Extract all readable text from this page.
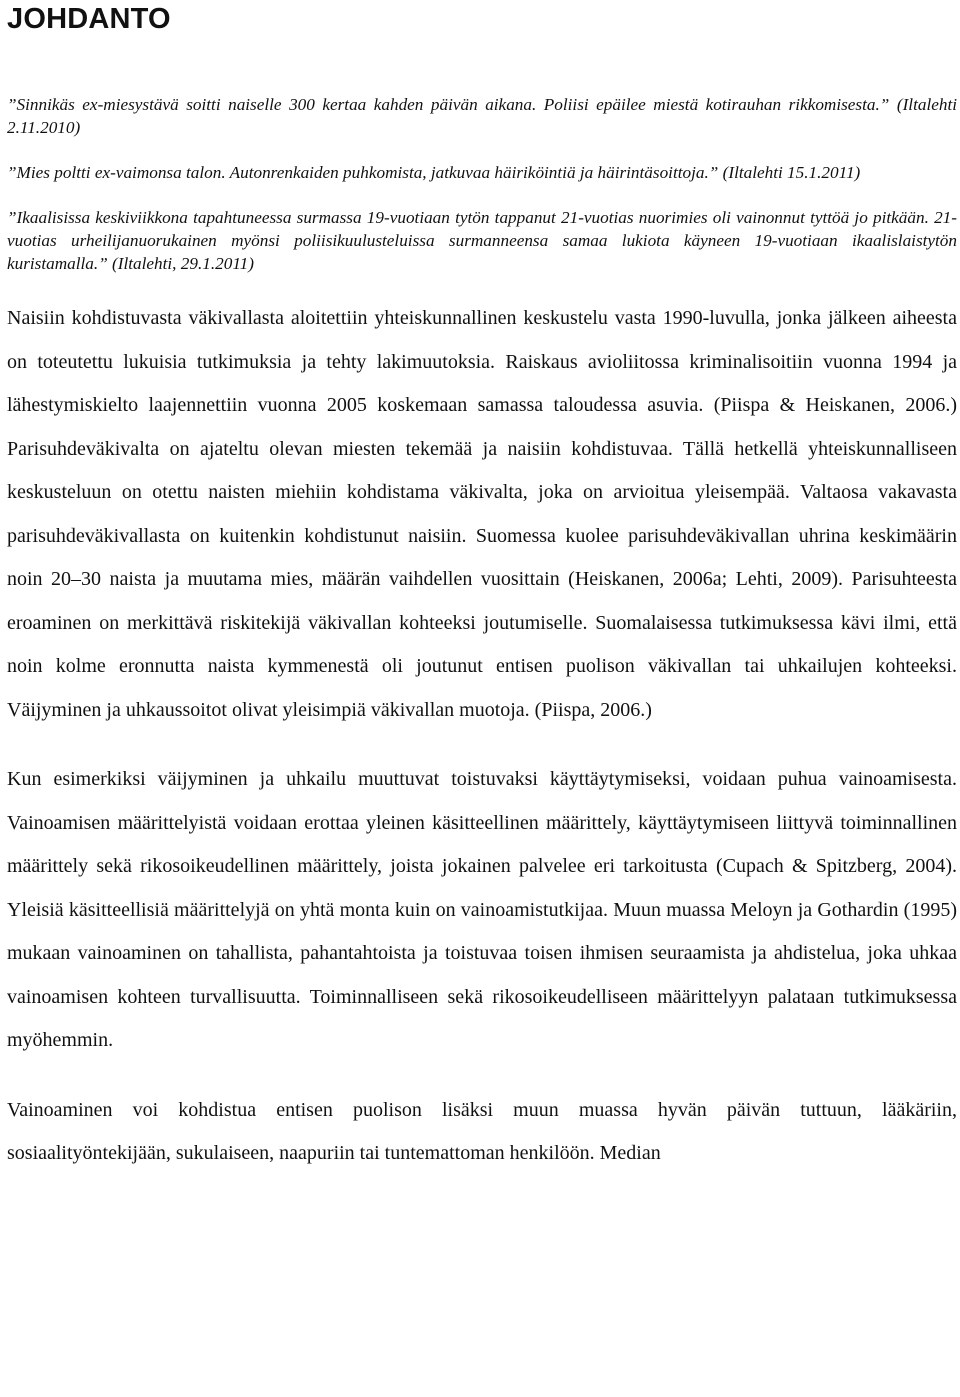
JOHDANTO

”Sinnikäs ex-miesystävä soitti naiselle 300 kertaa kahden päivän aikana. Poliisi epäilee miestä kotirauhan rikkomisesta.” (Iltalehti 2.11.2010)

”Mies poltti ex-vaimonsa talon. Autonrenkaiden puhkomista, jatkuvaa häiriköintiä ja häirintäsoittoja.” (Iltalehti 15.1.2011)

”Ikaalisissa keskiviikkona tapahtuneessa surmassa 19-vuotiaan tytön tappanut 21-vuotias nuorimies oli vainonnut tyttöä jo pitkään. 21-vuotias urheilijanuorukainen myönsi poliisikuulusteluissa surmanneensa samaa lukiota käyneen 19-vuotiaan ikaalislaistytön kuristamalla.” (Iltalehti, 29.1.2011)

Naisiin kohdistuvasta väkivallasta aloitettiin yhteiskunnallinen keskustelu vasta 1990-luvulla, jonka jälkeen aiheesta on toteutettu lukuisia tutkimuksia ja tehty lakimuutoksia. Raiskaus avioliitossa kriminalisoitiin vuonna 1994 ja lähestymiskielto laajennettiin vuonna 2005 koskemaan samassa taloudessa asuvia. (Piispa & Heiskanen, 2006.) Parisuhdeväkivalta on ajateltu olevan miesten tekemää ja naisiin kohdistuvaa. Tällä hetkellä yhteiskunnalliseen keskusteluun on otettu naisten miehiin kohdistama väkivalta, joka on arvioitua yleisempää. Valtaosa vakavasta parisuhdeväkivallasta on kuitenkin kohdistunut naisiin. Suomessa kuolee parisuhdeväkivallan uhrina keskimäärin noin 20–30 naista ja muutama mies, määrän vaihdellen vuosittain (Heiskanen, 2006a; Lehti, 2009). Parisuhteesta eroaminen on merkittävä riskitekijä väkivallan kohteeksi joutumiselle. Suomalaisessa tutkimuksessa kävi ilmi, että noin kolme eronnutta naista kymmenestä oli joutunut entisen puolison väkivallan tai uhkailujen kohteeksi. Väijyminen ja uhkaussoitot olivat yleisimpiä väkivallan muotoja. (Piispa, 2006.)

Kun esimerkiksi väijyminen ja uhkailu muuttuvat toistuvaksi käyttäytymiseksi, voidaan puhua vainoamisesta. Vainoamisen määrittelyistä voidaan erottaa yleinen käsitteellinen määrittely, käyttäytymiseen liittyvä toiminnallinen määrittely sekä rikosoikeudellinen määrittely, joista jokainen palvelee eri tarkoitusta (Cupach & Spitzberg, 2004). Yleisiä käsitteellisiä määrittelyjä on yhtä monta kuin on vainoamistutkijaa. Muun muassa Meloyn ja Gothardin (1995) mukaan vainoaminen on tahallista, pahantahtoista ja toistuvaa toisen ihmisen seuraamista ja ahdistelua, joka uhkaa vainoamisen kohteen turvallisuutta. Toiminnalliseen sekä rikosoikeudelliseen määrittelyyn palataan tutkimuksessa myöhemmin.

Vainoaminen voi kohdistua entisen puolison lisäksi muun muassa hyvän päivän tuttuun, lääkäriin, sosiaalityöntekijään, sukulaiseen, naapuriin tai tuntemattoman henkilöön. Median
